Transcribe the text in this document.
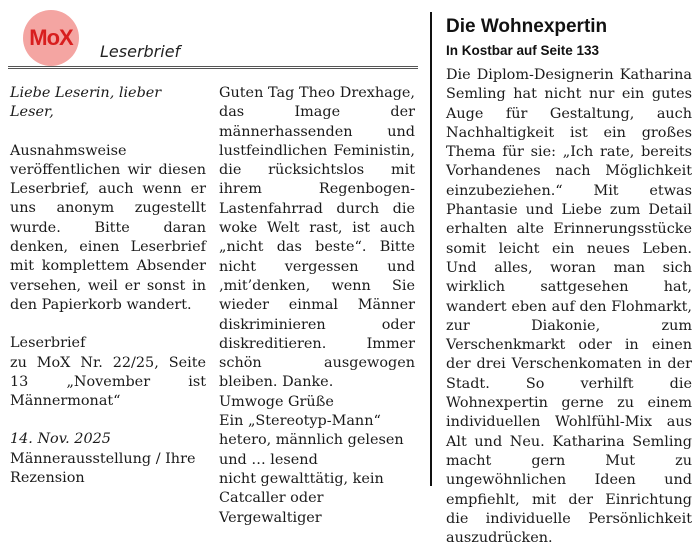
MoX
Leserbrief

Liebe Leserin, lieber Leser,

Ausnahmsweise veröffentlichen wir diesen Leserbrief, auch wenn er uns anonym zugestellt wurde. Bitte daran denken, einen Leserbrief mit komplettem Absender versehen, weil er sonst in den Papierkorb wandert.

Leserbrief

zu MoX Nr. 22/25, Seite 13 „November ist Männermonat“

14. Nov. 2025

Männerausstellung / Ihre Rezension

Guten Tag Theo Drexhage, das Image der männerhassenden und lustfeindlichen Feministin, die rücksichtslos mit ihrem Regenbogen-Lastenfahrrad durch die woke Welt rast, ist auch „nicht das beste“. Bitte nicht vergessen und ‚mit’denken, wenn Sie wieder einmal Männer diskriminieren oder diskreditieren. Immer schön ausgewogen bleiben. Danke.

Umwoge Grüße

Ein „Stereotyp-Mann“ hetero, männlich gelesen und … lesend

nicht gewalttätig, kein Catcaller oder Vergewaltiger

Die Wohnexpertin
In Kostbar auf Seite 133

Die Diplom-Designerin Katharina Semling hat nicht nur ein gutes Auge für Gestaltung, auch Nachhaltigkeit ist ein großes Thema für sie: „Ich rate, bereits Vorhandenes nach Möglichkeit einzubeziehen.“ Mit etwas Phantasie und Liebe zum Detail erhalten alte Erinnerungsstücke somit leicht ein neues Leben. Und alles, woran man sich wirklich sattgesehen hat, wandert eben auf den Flohmarkt, zur Diakonie, zum Verschenkmarkt oder in einen der drei Verschenkomaten in der Stadt. So verhilft die Wohnexpertin gerne zu einem individuellen Wohlfühl-Mix aus Alt und Neu. Katharina Semling macht gern Mut zu ungewöhnlichen Ideen und empfiehlt, mit der Einrichtung die individuelle Persönlichkeit auszudrücken.
